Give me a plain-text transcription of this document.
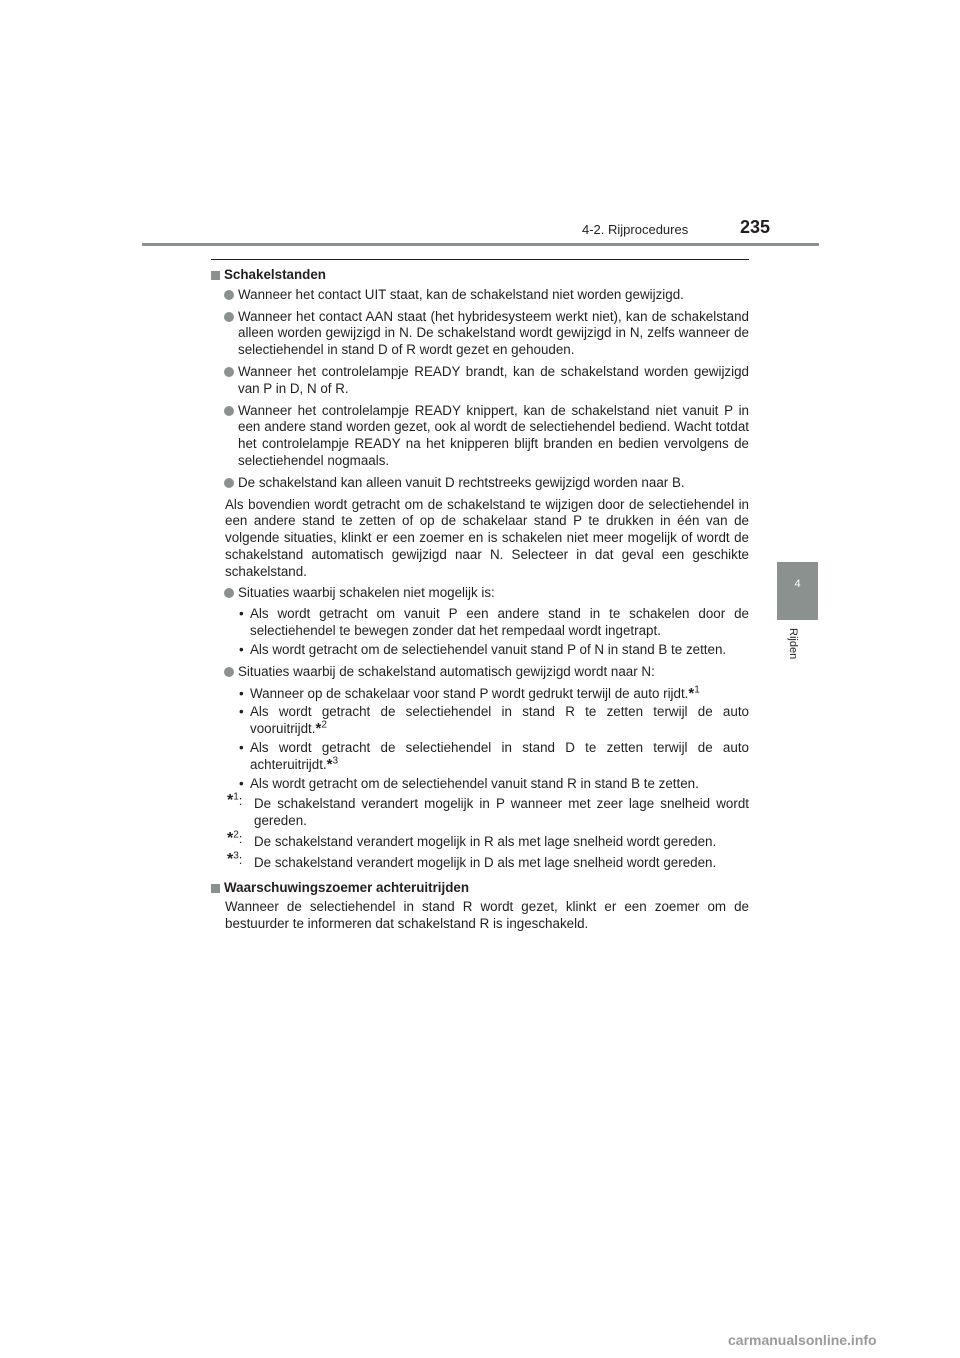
4-2. Rijprocedures	235
4
Rijden
Schakelstanden
Wanneer het contact UIT staat, kan de schakelstand niet worden gewijzigd.
Wanneer het contact AAN staat (het hybridesysteem werkt niet), kan de schakelstand alleen worden gewijzigd in N. De schakelstand wordt gewijzigd in N, zelfs wanneer de selectiehendel in stand D of R wordt gezet en gehouden.
Wanneer het controlelampje READY brandt, kan de schakelstand worden gewijzigd van P in D, N of R.
Wanneer het controlelampje READY knippert, kan de schakelstand niet vanuit P in een andere stand worden gezet, ook al wordt de selectiehendel bediend. Wacht totdat het controlelampje READY na het knipperen blijft branden en bedien vervolgens de selectiehendel nogmaals.
De schakelstand kan alleen vanuit D rechtstreeks gewijzigd worden naar B.
Als bovendien wordt getracht om de schakelstand te wijzigen door de selectiehendel in een andere stand te zetten of op de schakelaar stand P te drukken in één van de volgende situaties, klinkt er een zoemer en is schakelen niet meer mogelijk of wordt de schakelstand automatisch gewijzigd naar N. Selecteer in dat geval een geschikte schakelstand.
Situaties waarbij schakelen niet mogelijk is:
• Als wordt getracht om vanuit P een andere stand in te schakelen door de selectiehendel te bewegen zonder dat het rempedaal wordt ingetrapt.
• Als wordt getracht om de selectiehendel vanuit stand P of N in stand B te zetten.
Situaties waarbij de schakelstand automatisch gewijzigd wordt naar N:
• Wanneer op de schakelaar voor stand P wordt gedrukt terwijl de auto rijdt.*$^1$
• Als wordt getracht de selectiehendel in stand R te zetten terwijl de auto vooruitrijdt.*$^2$
• Als wordt getracht de selectiehendel in stand D te zetten terwijl de auto achteruitrijdt.*$^3$
• Als wordt getracht om de selectiehendel vanuit stand R in stand B te zetten.
*$^1$: De schakelstand verandert mogelijk in P wanneer met zeer lage snelheid wordt gereden.
*$^2$: De schakelstand verandert mogelijk in R als met lage snelheid wordt gereden.
*$^3$: De schakelstand verandert mogelijk in D als met lage snelheid wordt gereden.
Waarschuwingszoemer achteruitrijden
Wanneer de selectiehendel in stand R wordt gezet, klinkt er een zoemer om de bestuurder te informeren dat schakelstand R is ingeschakeld.
carmanualsonline.info
